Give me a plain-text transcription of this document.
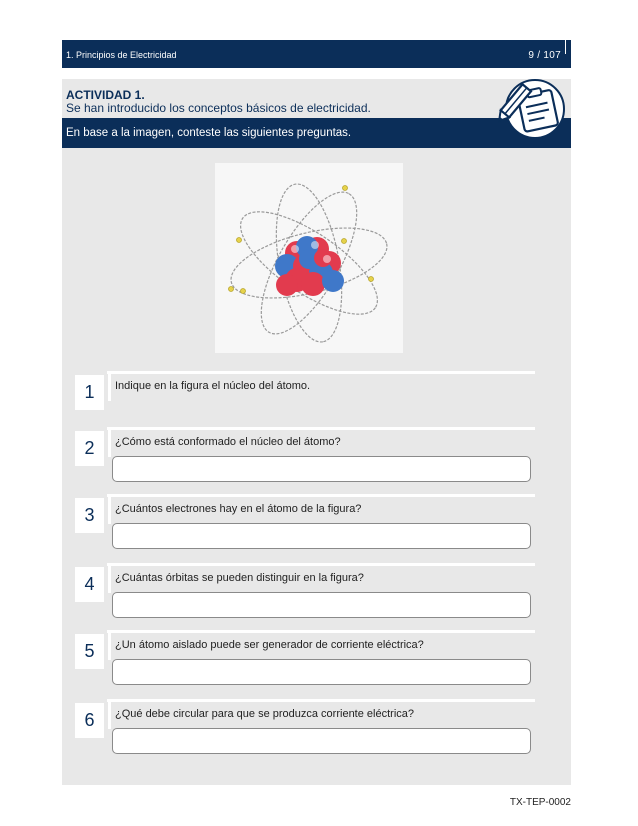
1. Principios de Electricidad	9 / 107
ACTIVIDAD 1.
Se han introducido los conceptos básicos de electricidad.
En base a la imagen, conteste las siguientes preguntas.
1	Indique en la figura el núcleo del átomo.
2	¿Cómo está conformado el núcleo del átomo?
3	¿Cuántos electrones hay en el átomo de la figura?
4	¿Cuántas órbitas se pueden distinguir en la figura?
5	¿Un átomo aislado puede ser generador de corriente eléctrica?
6	¿Qué debe circular para que se produzca corriente eléctrica?
TX-TEP-0002
